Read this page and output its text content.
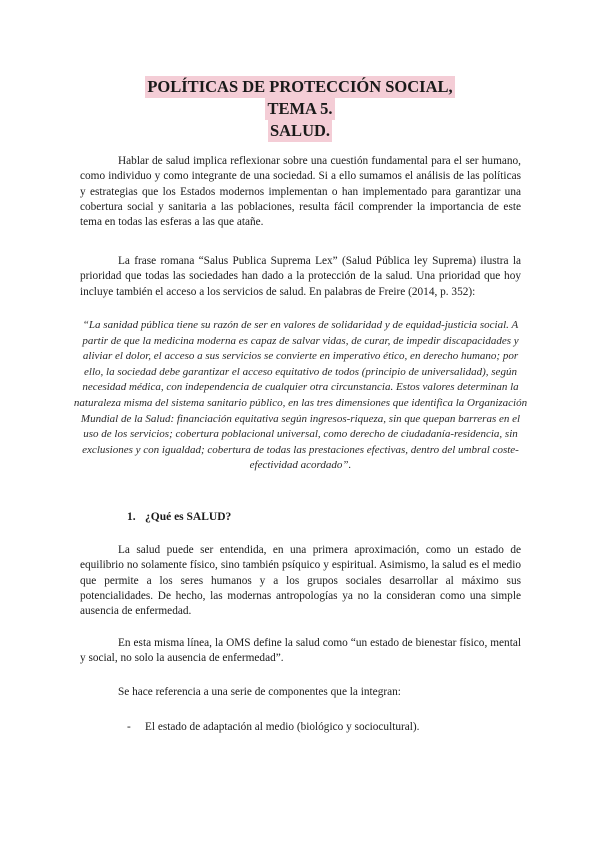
POLÍTICAS DE PROTECCIÓN SOCIAL,
TEMA 5.
SALUD.

Hablar de salud implica reflexionar sobre una cuestión fundamental para el ser humano, como individuo y como integrante de una sociedad. Si a ello sumamos el análisis de las políticas y estrategias que los Estados modernos implementan o han implementado para garantizar una cobertura social y sanitaria a las poblaciones, resulta fácil comprender la importancia de este tema en todas las esferas a las que atañe.

La frase romana “Salus Publica Suprema Lex” (Salud Pública ley Suprema) ilustra la prioridad que todas las sociedades han dado a la protección de la salud. Una prioridad que hoy incluye también el acceso a los servicios de salud. En palabras de Freire (2014, p. 352):

“La sanidad pública tiene su razón de ser en valores de solidaridad y de equidad-justicia social. A partir de que la medicina moderna es capaz de salvar vidas, de curar, de impedir discapacidades y aliviar el dolor, el acceso a sus servicios se convierte en imperativo ético, en derecho humano; por ello, la sociedad debe garantizar el acceso equitativo de todos (principio de universalidad), según necesidad médica, con independencia de cualquier otra circunstancia. Estos valores determinan la naturaleza misma del sistema sanitario público, en las tres dimensiones que identifica la Organización Mundial de la Salud: financiación equitativa según ingresos-riqueza, sin que quepan barreras en el uso de los servicios; cobertura poblacional universal, como derecho de ciudadanía-residencia, sin exclusiones y con igualdad; cobertura de todas las prestaciones efectivas, dentro del umbral coste-efectividad acordado”.

1. ¿Qué es SALUD?

La salud puede ser entendida, en una primera aproximación, como un estado de equilibrio no solamente físico, sino también psíquico y espiritual. Asimismo, la salud es el medio que permite a los seres humanos y a los grupos sociales desarrollar al máximo sus potencialidades. De hecho, las modernas antropologías ya no la consideran como una simple ausencia de enfermedad.

En esta misma línea, la OMS define la salud como “un estado de bienestar físico, mental y social, no solo la ausencia de enfermedad”.

Se hace referencia a una serie de componentes que la integran:

- El estado de adaptación al medio (biológico y sociocultural).
